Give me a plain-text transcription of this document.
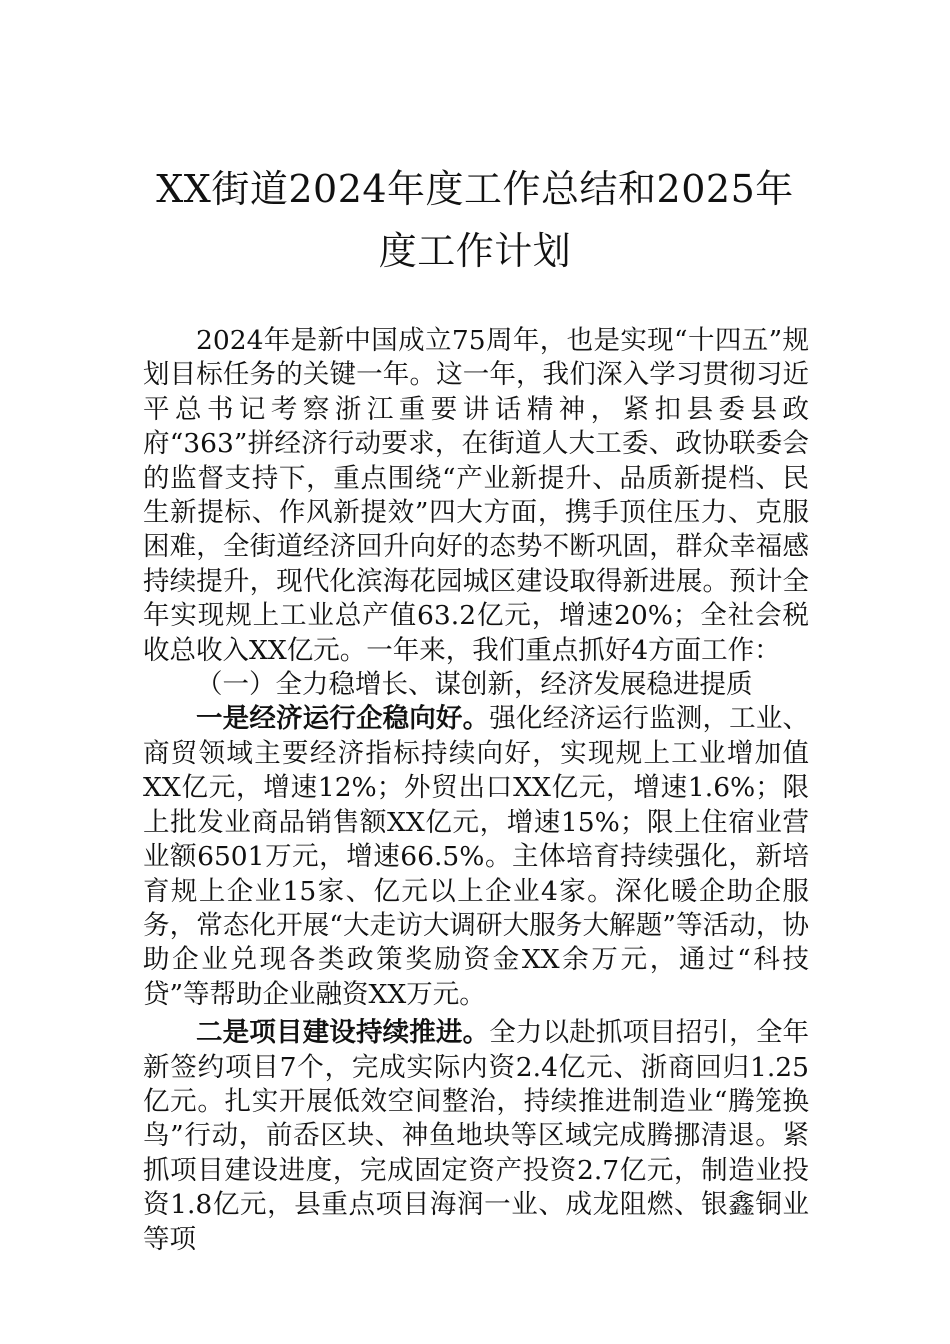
XX街道2024年度工作总结和2025年度工作计划

2024年是新中国成立75周年，也是实现“十四五”规划目标任务的关键一年。这一年，我们深入学习贯彻习近平总书记考察浙江重要讲话精神，紧扣县委县政府“363”拼经济行动要求，在街道人大工委、政协联委会的监督支持下，重点围绕“产业新提升、品质新提档、民生新提标、作风新提效”四大方面，携手顶住压力、克服困难，全街道经济回升向好的态势不断巩固，群众幸福感持续提升，现代化滨海花园城区建设取得新进展。预计全年实现规上工业总产值63.2亿元，增速20%；全社会税收总收入XX亿元。一年来，我们重点抓好4方面工作：

（一）全力稳增长、谋创新，经济发展稳进提质

一是经济运行企稳向好。强化经济运行监测，工业、商贸领域主要经济指标持续向好，实现规上工业增加值XX亿元，增速12%；外贸出口XX亿元，增速1.6%；限上批发业商品销售额XX亿元，增速15%；限上住宿业营业额6501万元，增速66.5%。主体培育持续强化，新培育规上企业15家、亿元以上企业4家。深化暖企助企服务，常态化开展“大走访大调研大服务大解题”等活动，协助企业兑现各类政策奖励资金XX余万元，通过“科技贷”等帮助企业融资XX万元。

二是项目建设持续推进。全力以赴抓项目招引，全年新签约项目7个，完成实际内资2.4亿元、浙商回归1.25亿元。扎实开展低效空间整治，持续推进制造业“腾笼换鸟”行动，前岙区块、神鱼地块等区域完成腾挪清退。紧抓项目建设进度，完成固定资产投资2.7亿元，制造业投资1.8亿元，县重点项目海润一业、成龙阻燃、银鑫铜业等项
